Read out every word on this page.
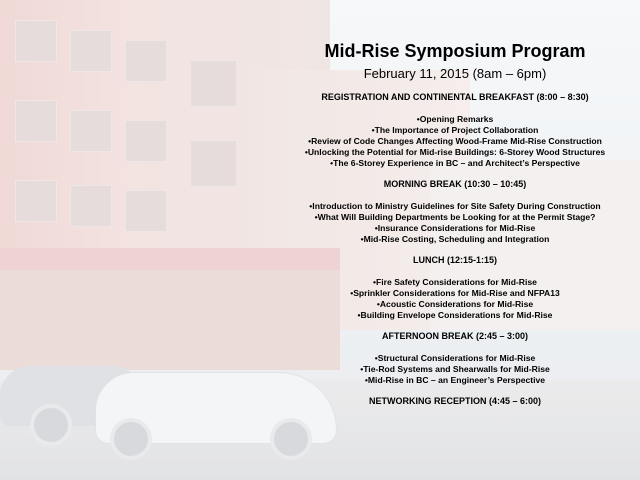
Mid-Rise Symposium Program

February 11, 2015 (8am – 6pm)

REGISTRATION AND CONTINENTAL BREAKFAST (8:00 – 8:30)

•Opening Remarks

•The Importance of Project Collaboration

•Review of Code Changes Affecting Wood-Frame Mid-Rise Construction

•Unlocking the Potential for Mid-rise Buildings: 6-Storey Wood Structures

•The 6-Storey Experience in BC – and Architect’s Perspective

MORNING BREAK (10:30 – 10:45)

•Introduction to Ministry Guidelines for Site Safety During Construction

•What Will Building Departments be Looking for at the Permit Stage?

•Insurance Considerations for Mid-Rise

•Mid-Rise Costing, Scheduling and Integration

LUNCH (12:15-1:15)

•Fire Safety Considerations for Mid-Rise

•Sprinkler Considerations for Mid-Rise and NFPA13

•Acoustic Considerations for Mid-Rise

•Building Envelope Considerations for Mid-Rise

AFTERNOON BREAK (2:45 – 3:00)

•Structural Considerations for Mid-Rise

•Tie-Rod Systems and Shearwalls for Mid-Rise

•Mid-Rise in BC – an Engineer’s Perspective

NETWORKING RECEPTION (4:45 – 6:00)
